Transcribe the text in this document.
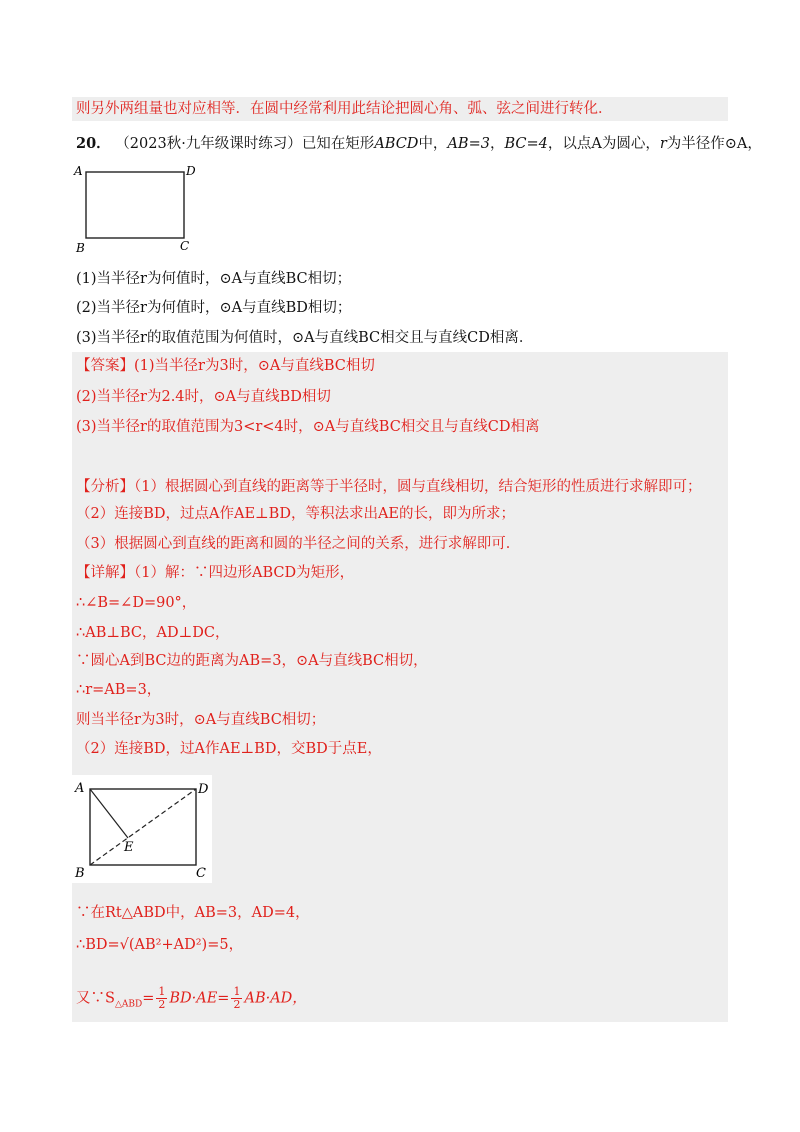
则另外两组量也对应相等．在圆中经常利用此结论把圆心角、弧、弦之间进行转化．
20． （2023秋·九年级课时练习）已知在矩形ABCD中，AB=3，BC=4，以点A为圆心，r为半径作⊙A，
A	D
B	C
(1)当半径r为何值时，⊙A与直线BC相切；
(2)当半径r为何值时，⊙A与直线BD相切；
(3)当半径r的取值范围为何值时，⊙A与直线BC相交且与直线CD相离．
【答案】(1)当半径r为3时，⊙A与直线BC相切
(2)当半径r为2.4时，⊙A与直线BD相切
(3)当半径r的取值范围为3<r<4时，⊙A与直线BC相交且与直线CD相离
【分析】（1）根据圆心到直线的距离等于半径时，圆与直线相切，结合矩形的性质进行求解即可；
（2）连接BD，过点A作AE⊥BD，等积法求出AE的长，即为所求；
（3）根据圆心到直线的距离和圆的半径之间的关系，进行求解即可．
【详解】（1）解：∵四边形ABCD为矩形，
∴∠B=∠D=90°，
∴AB⊥BC，AD⊥DC，
∵圆心A到BC边的距离为AB=3，⊙A与直线BC相切，
∴r=AB=3，
则当半径r为3时，⊙A与直线BC相切；
（2）连接BD，过A作AE⊥BD，交BD于点E，
A	D
B	C
E
∵在Rt△ABD中，AB=3，AD=4，
∴BD=√(AB²+AD²)=5，
又$\because S_{\triangle ABD}= \frac{1}{2} BD\cdot AE= \frac{1}{2} AB\cdot AD$，
